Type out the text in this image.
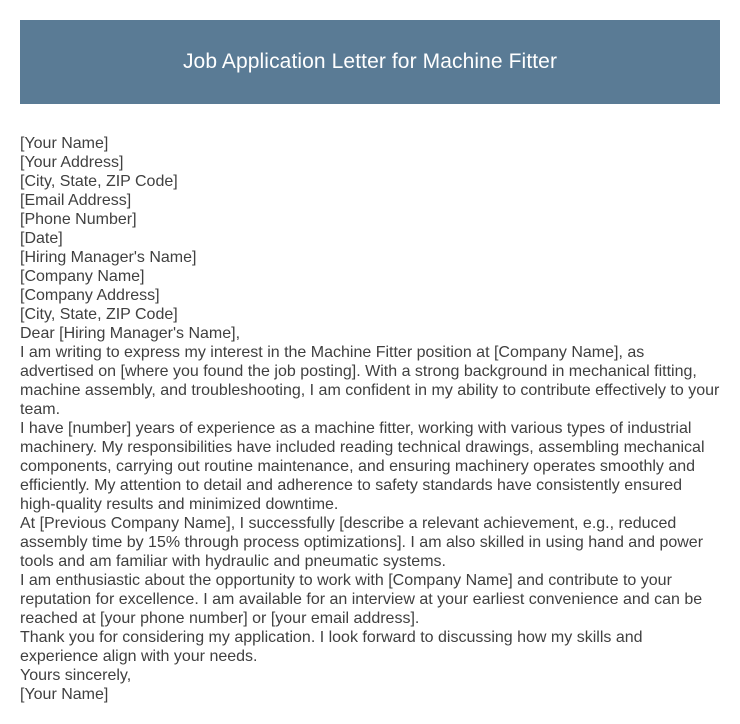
Job Application Letter for Machine Fitter
[Your Name]
[Your Address]
[City, State, ZIP Code]
[Email Address]
[Phone Number]
[Date]
[Hiring Manager's Name]
[Company Name]
[Company Address]
[City, State, ZIP Code]
Dear [Hiring Manager's Name],

I am writing to express my interest in the Machine Fitter position at [Company Name], as advertised on [where you found the job posting]. With a strong background in mechanical fitting, machine assembly, and troubleshooting, I am confident in my ability to contribute effectively to your team.

I have [number] years of experience as a machine fitter, working with various types of industrial machinery. My responsibilities have included reading technical drawings, assembling mechanical components, carrying out routine maintenance, and ensuring machinery operates smoothly and efficiently. My attention to detail and adherence to safety standards have consistently ensured high-quality results and minimized downtime.

At [Previous Company Name], I successfully [describe a relevant achievement, e.g., reduced assembly time by 15% through process optimizations]. I am also skilled in using hand and power tools and am familiar with hydraulic and pneumatic systems.

I am enthusiastic about the opportunity to work with [Company Name] and contribute to your reputation for excellence. I am available for an interview at your earliest convenience and can be reached at [your phone number] or [your email address].

Thank you for considering my application. I look forward to discussing how my skills and experience align with your needs.

Yours sincerely,
[Your Name]
